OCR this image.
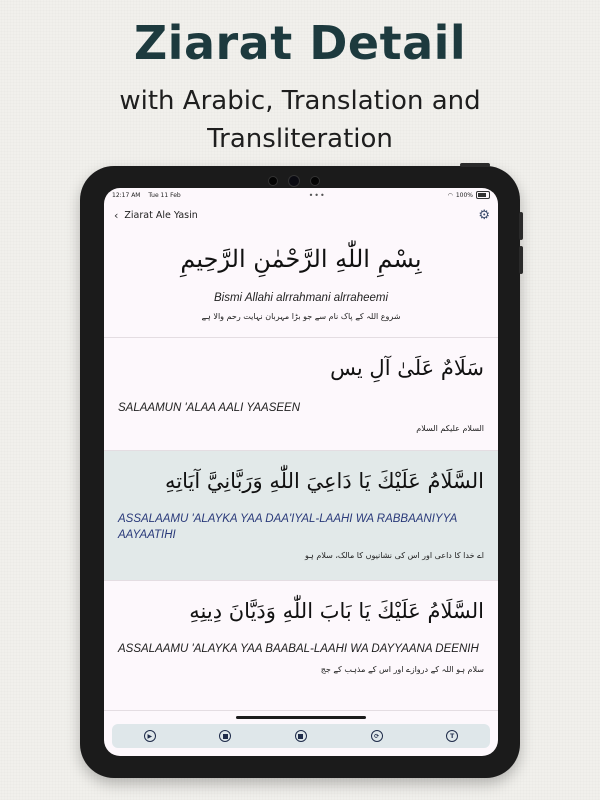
Ziarat Detail
with Arabic, Translation and Transliteration
12:17 AM Tue 11 Feb	•••	◠ 100%
‹ Ziarat Ale Yasin	⚙
بِسْمِ اللّٰهِ الرَّحْمٰنِ الرَّحِيمِ
Bismi Allahi alrrahmani alrraheemi
شروع اللہ کے پاک نام سے جو بڑا مہربان نہایت رحم والا ہے
سَلَامٌ عَلَىٰ آلِ يس
SALAAMUN 'ALAA AALI YAASEEN
السلام علیکم السلام
السَّلَامُ عَلَيْكَ يَا دَاعِيَ اللّٰهِ وَرَبَّانِيَّ آيَاتِهِ
ASSALAAMU 'ALAYKA YAA DAA'IYAL-LAAHI WA RABBAANIYYA AAYAATIHI
اے خدا کا داعی اور اس کی نشانیوں کا مالک، سلام ہو
السَّلَامُ عَلَيْكَ يَا بَابَ اللّٰهِ وَدَيَّانَ دِينِهِ
ASSALAAMU 'ALAYKA YAA BAABAL-LAAHI WA DAYYAANA DEENIH
سلام ہو اللہ کے دروازے اور اس کے مذہب کے جج
▶	⟳	T
